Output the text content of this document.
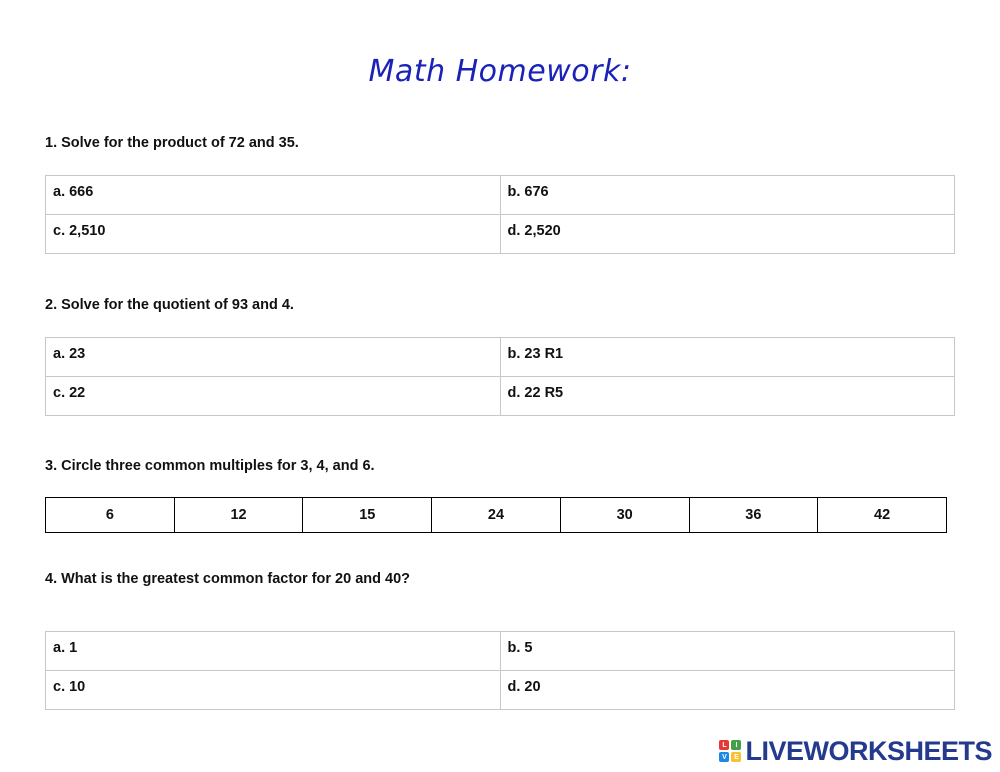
Math Homework:
1. Solve for the product of 72 and 35.
a. 666	b. 676
c. 2,510	d. 2,520
2. Solve for the quotient of 93 and 4.
a. 23	b. 23 R1
c. 22	d. 22 R5
3. Circle three common multiples for 3, 4, and 6.
6	12	15	24	30	36	42
4. What is the greatest common factor for 20 and 40?
a. 1	b. 5
c. 10	d. 20
L	I
V	E LIVEWORKSHEETS
